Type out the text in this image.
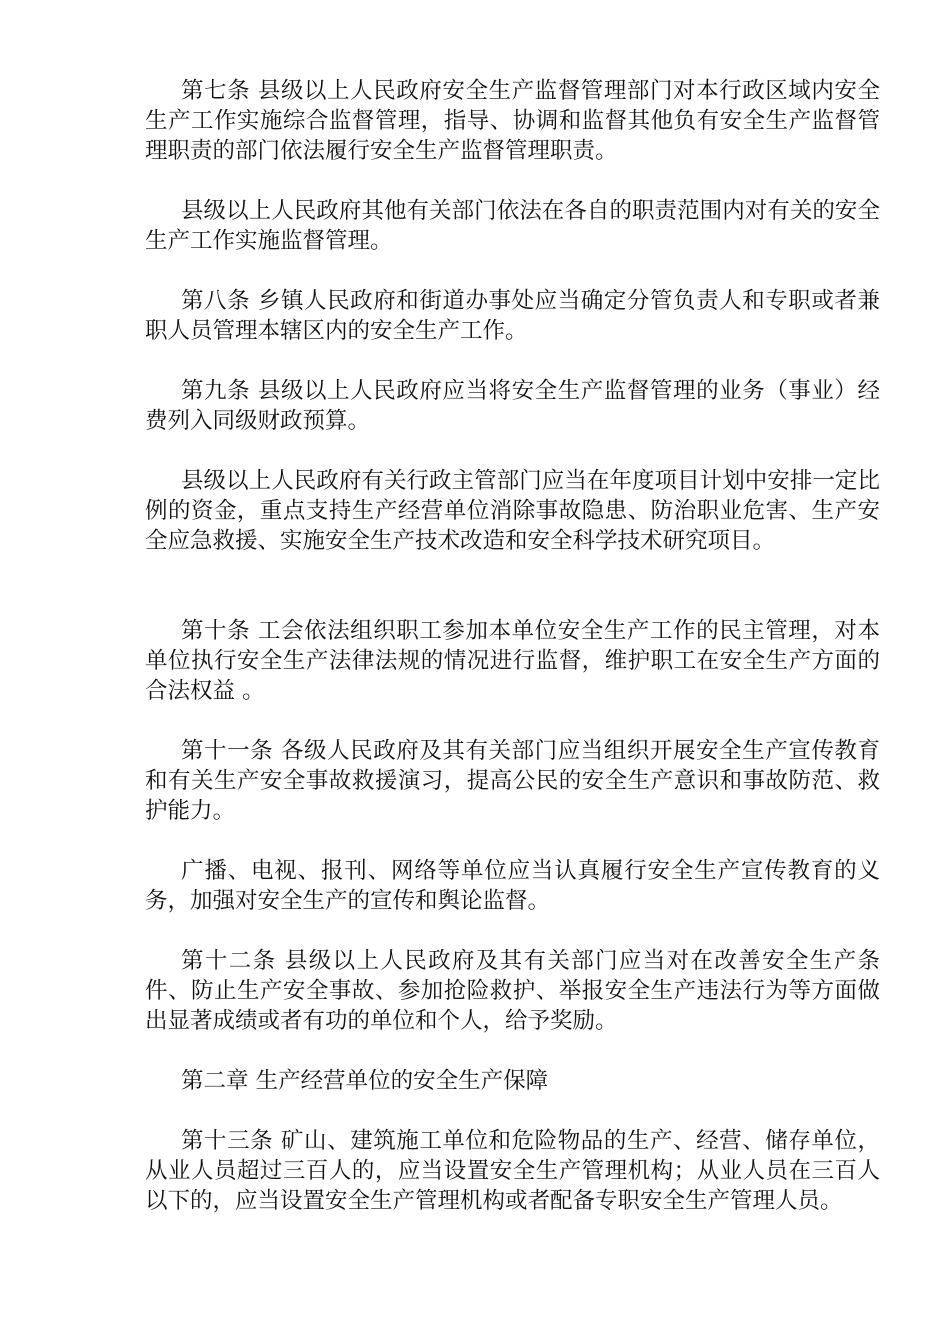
第七条 县级以上人民政府安全生产监督管理部门对本行政区域内安全生产工作实施综合监督管理，指导、协调和监督其他负有安全生产监督管理职责的部门依法履行安全生产监督管理职责。

县级以上人民政府其他有关部门依法在各自的职责范围内对有关的安全生产工作实施监督管理。

第八条 乡镇人民政府和街道办事处应当确定分管负责人和专职或者兼职人员管理本辖区内的安全生产工作。

第九条 县级以上人民政府应当将安全生产监督管理的业务（事业）经费列入同级财政预算。

县级以上人民政府有关行政主管部门应当在年度项目计划中安排一定比例的资金，重点支持生产经营单位消除事故隐患、防治职业危害、生产安全应急救援、实施安全生产技术改造和安全科学技术研究项目。

第十条 工会依法组织职工参加本单位安全生产工作的民主管理，对本单位执行安全生产法律法规的情况进行监督，维护职工在安全生产方面的合法权益 。

第十一条 各级人民政府及其有关部门应当组织开展安全生产宣传教育和有关生产安全事故救援演习，提高公民的安全生产意识和事故防范、救护能力。

广播、电视、报刊、网络等单位应当认真履行安全生产宣传教育的义务，加强对安全生产的宣传和舆论监督。

第十二条 县级以上人民政府及其有关部门应当对在改善安全生产条件、防止生产安全事故、参加抢险救护、举报安全生产违法行为等方面做出显著成绩或者有功的单位和个人，给予奖励。

第二章 生产经营单位的安全生产保障

第十三条 矿山、建筑施工单位和危险物品的生产、经营、储存单位，从业人员超过三百人的，应当设置安全生产管理机构；从业人员在三百人以下的，应当设置安全生产管理机构或者配备专职安全生产管理人员。
